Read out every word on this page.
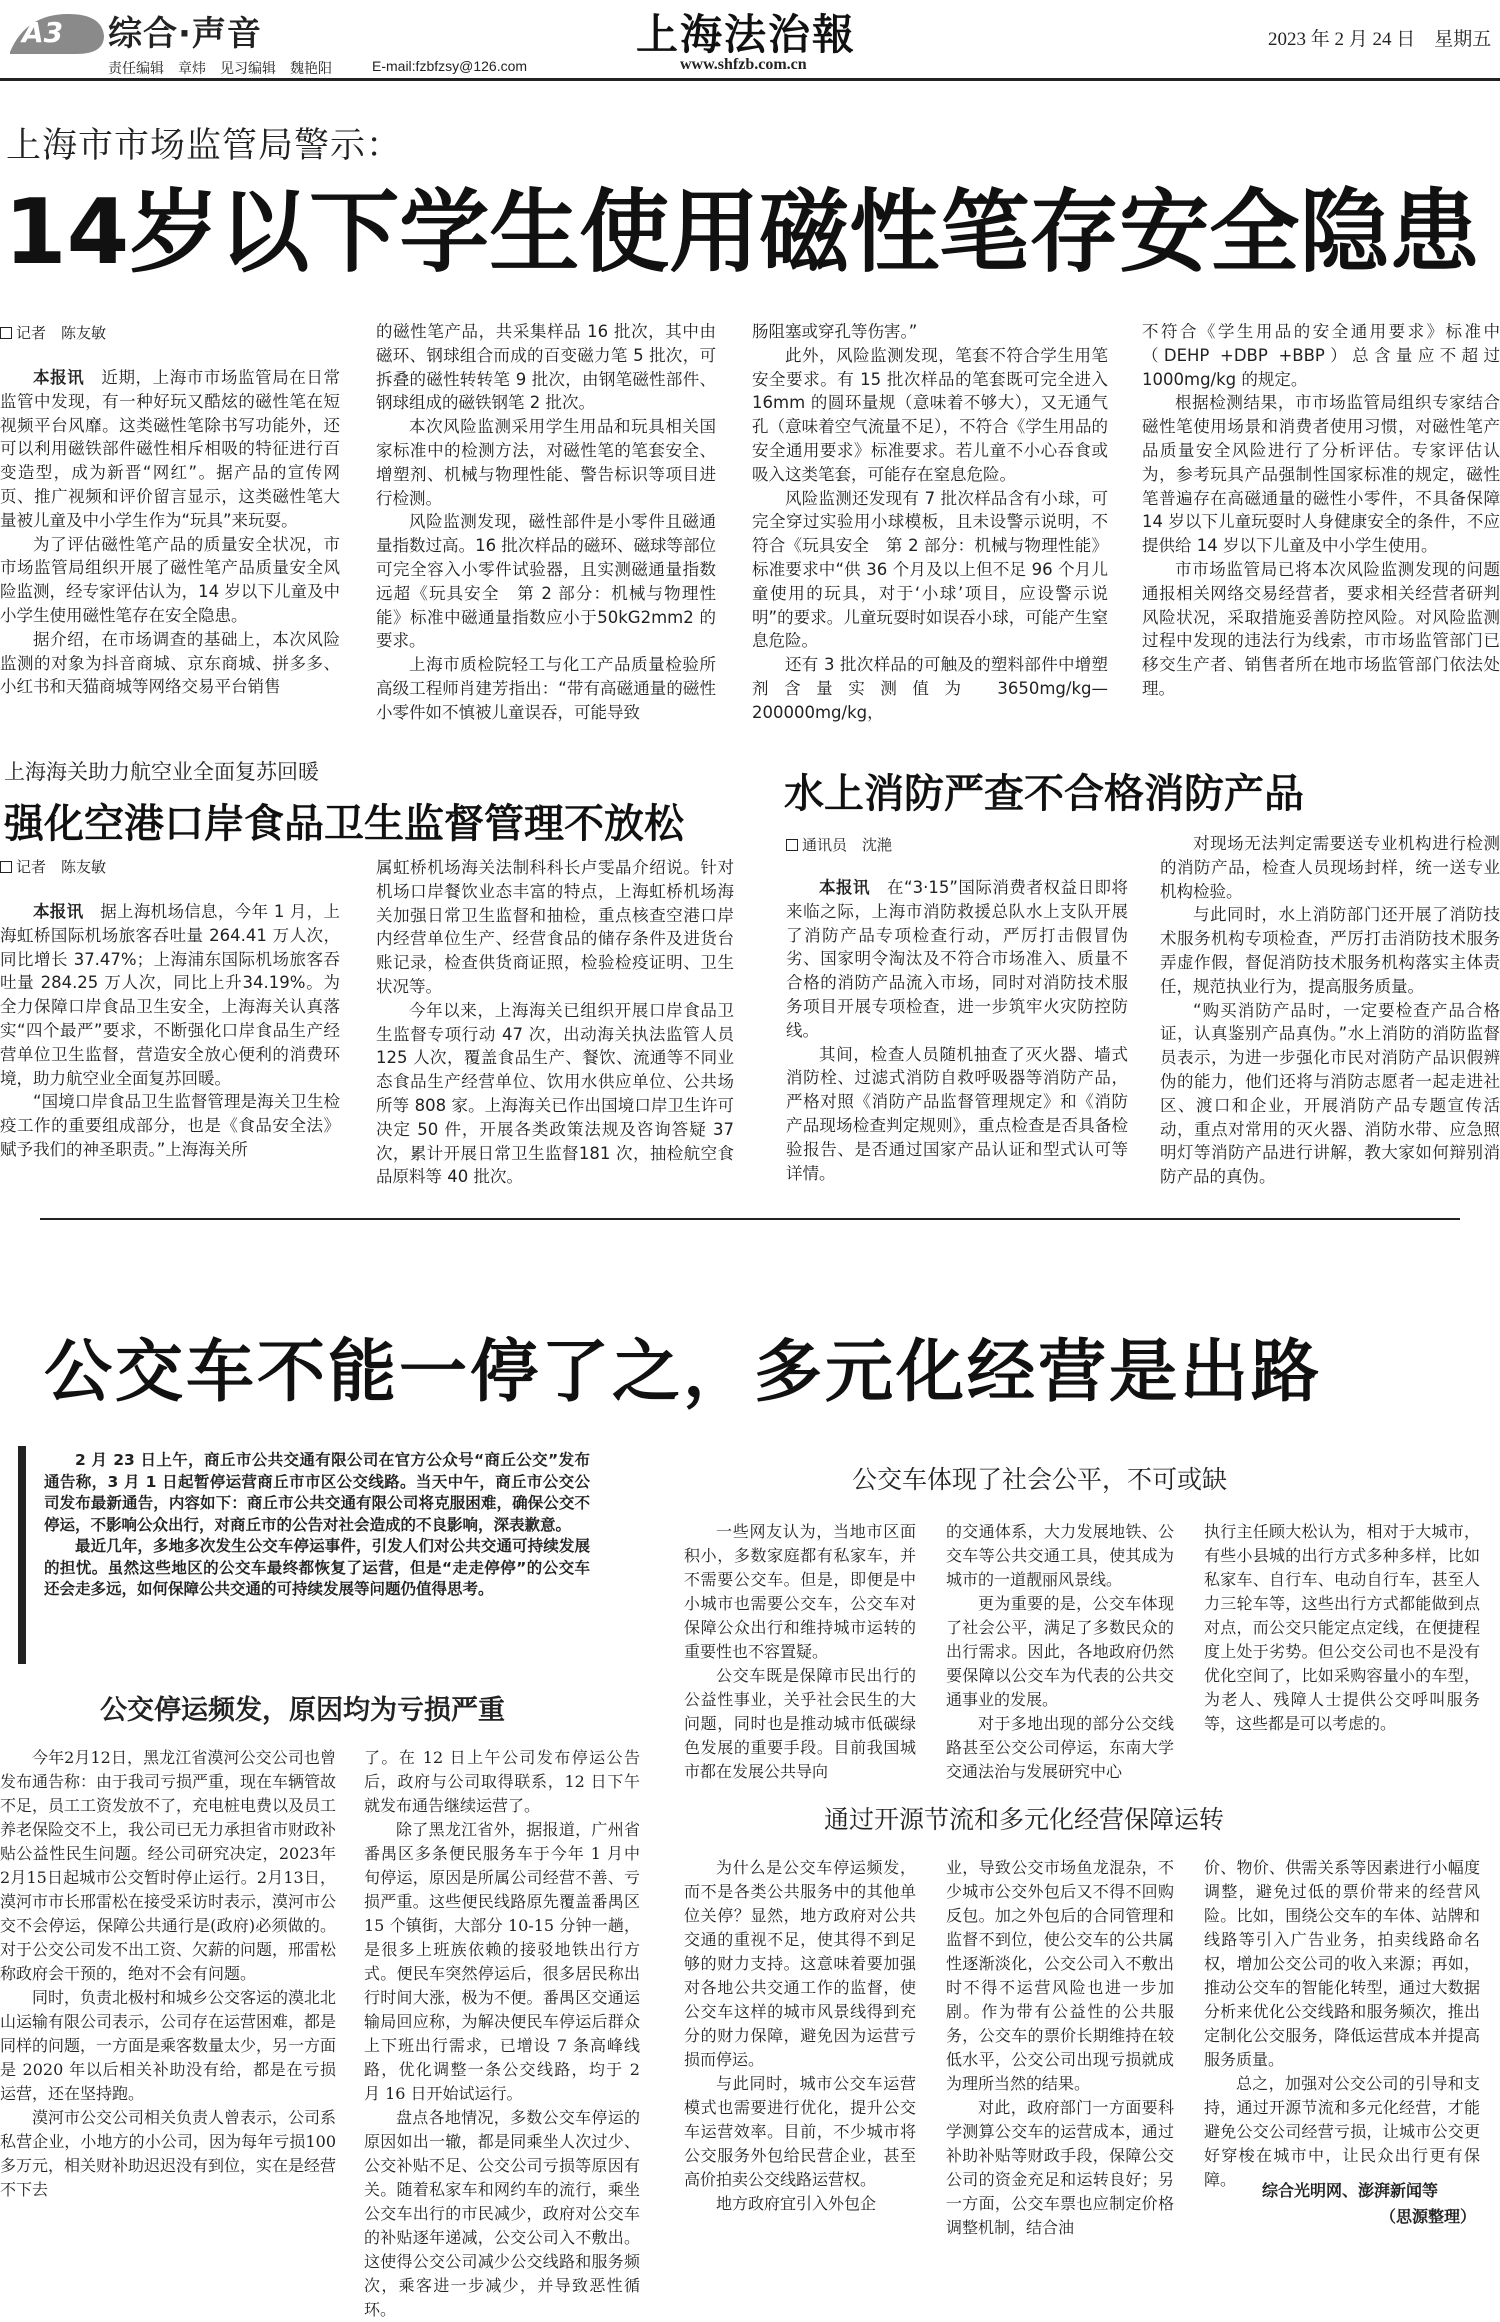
A3 综合·声音
责任编辑　章炜　见习编辑　魏艳阳	E-mail:fzbfzsy@126.com
上海法治報
www.shfzb.com.cn
2023 年 2 月 24 日　星期五
上海市市场监管局警示：
14岁以下学生使用磁性笔存安全隐患
记者　陈友敏

本报讯　近期，上海市市场监管局在日常监管中发现，有一种好玩又酷炫的磁性笔在短视频平台风靡。这类磁性笔除书写功能外，还可以利用磁铁部件磁性相斥相吸的特征进行百变造型，成为新晋“网红”。据产品的宣传网页、推广视频和评价留言显示，这类磁性笔大量被儿童及中小学生作为“玩具”来玩耍。

为了评估磁性笔产品的质量安全状况，市市场监管局组织开展了磁性笔产品质量安全风险监测，经专家评估认为，14 岁以下儿童及中小学生使用磁性笔存在安全隐患。

据介绍，在市场调查的基础上，本次风险监测的对象为抖音商城、京东商城、拼多多、小红书和天猫商城等网络交易平台销售

的磁性笔产品，共采集样品 16 批次，其中由磁环、钢球组合而成的百变磁力笔 5 批次，可拆叠的磁性转转笔 9 批次，由钢笔磁性部件、钢球组成的磁铁钢笔 2 批次。

本次风险监测采用学生用品和玩具相关国家标准中的检测方法，对磁性笔的笔套安全、增塑剂、机械与物理性能、警告标识等项目进行检测。

风险监测发现，磁性部件是小零件且磁通量指数过高。16 批次样品的磁环、磁球等部位可完全容入小零件试验器，且实测磁通量指数远超《玩具安全　第 2 部分：机械与物理性能》标准中磁通量指数应小于50kG2mm2 的要求。

上海市质检院轻工与化工产品质量检验所高级工程师肖建芳指出：“带有高磁通量的磁性小零件如不慎被儿童误吞，可能导致

肠阻塞或穿孔等伤害。”

此外，风险监测发现，笔套不符合学生用笔安全要求。有 15 批次样品的笔套既可完全进入 16mm 的圆环量规（意味着不够大），又无通气孔（意味着空气流量不足），不符合《学生用品的安全通用要求》标准要求。若儿童不小心吞食或吸入这类笔套，可能存在窒息危险。

风险监测还发现有 7 批次样品含有小球，可完全穿过实验用小球模板，且未设警示说明，不符合《玩具安全　第 2 部分：机械与物理性能》标准要求中“供 36 个月及以上但不足 96 个月儿童使用的玩具，对于‘小球’项目，应设警示说明”的要求。儿童玩耍时如误吞小球，可能产生窒息危险。

还有 3 批次样品的可触及的塑料部件中增塑剂含量实测值为 3650mg/kg—200000mg/kg，

不符合《学生用品的安全通用要求》标准中（DEHP +DBP +BBP）总含量应不超过1000mg/kg 的规定。

根据检测结果，市市场监管局组织专家结合磁性笔使用场景和消费者使用习惯，对磁性笔产品质量安全风险进行了分析评估。专家评估认为，参考玩具产品强制性国家标准的规定，磁性笔普遍存在高磁通量的磁性小零件，不具备保障 14 岁以下儿童玩耍时人身健康安全的条件，不应提供给 14 岁以下儿童及中小学生使用。

市市场监管局已将本次风险监测发现的问题通报相关网络交易经营者，要求相关经营者研判风险状况，采取措施妥善防控风险。对风险监测过程中发现的违法行为线索，市市场监管部门已移交生产者、销售者所在地市场监管部门依法处理。

上海海关助力航空业全面复苏回暖
强化空港口岸食品卫生监督管理不放松
记者　陈友敏

本报讯　据上海机场信息，今年 1 月，上海虹桥国际机场旅客吞吐量 264.41 万人次，同比增长 37.47%；上海浦东国际机场旅客吞吐量 284.25 万人次，同比上升34.19%。为全力保障口岸食品卫生安全，上海海关认真落实“四个最严”要求，不断强化口岸食品生产经营单位卫生监督，营造安全放心便利的消费环境，助力航空业全面复苏回暖。

“国境口岸食品卫生监督管理是海关卫生检疫工作的重要组成部分，也是《食品安全法》赋予我们的神圣职责。”上海海关所

属虹桥机场海关法制科科长卢雯晶介绍说。针对机场口岸餐饮业态丰富的特点，上海虹桥机场海关加强日常卫生监督和抽检，重点核查空港口岸内经营单位生产、经营食品的储存条件及进货台账记录，检查供货商证照，检验检疫证明、卫生状况等。

今年以来，上海海关已组织开展口岸食品卫生监督专项行动 47 次，出动海关执法监管人员 125 人次，覆盖食品生产、餐饮、流通等不同业态食品生产经营单位、饮用水供应单位、公共场所等 808 家。上海海关已作出国境口岸卫生许可决定 50 件，开展各类政策法规及咨询答疑 37 次，累计开展日常卫生监督181 次，抽检航空食品原料等 40 批次。

水上消防严查不合格消防产品
通讯员　沈滟

本报讯　在“3·15”国际消费者权益日即将来临之际，上海市消防救援总队水上支队开展了消防产品专项检查行动，严厉打击假冒伪劣、国家明令淘汰及不符合市场准入、质量不合格的消防产品流入市场，同时对消防技术服务项目开展专项检查，进一步筑牢火灾防控防线。

其间，检查人员随机抽查了灭火器、墙式消防栓、过滤式消防自救呼吸器等消防产品，严格对照《消防产品监督管理规定》和《消防产品现场检查判定规则》，重点检查是否具备检验报告、是否通过国家产品认证和型式认可等详情。

对现场无法判定需要送专业机构进行检测的消防产品，检查人员现场封样，统一送专业机构检验。

与此同时，水上消防部门还开展了消防技术服务机构专项检查，严厉打击消防技术服务弄虚作假，督促消防技术服务机构落实主体责任，规范执业行为，提高服务质量。

“购买消防产品时，一定要检查产品合格证，认真鉴别产品真伪。”水上消防的消防监督员表示，为进一步强化市民对消防产品识假辨伪的能力，他们还将与消防志愿者一起走进社区、渡口和企业，开展消防产品专题宣传活动，重点对常用的灭火器、消防水带、应急照明灯等消防产品进行讲解，教大家如何辩别消防产品的真伪。

公交车不能一停了之，多元化经营是出路

2 月 23 日上午，商丘市公共交通有限公司在官方公众号“商丘公交”发布通告称，3 月 1 日起暂停运营商丘市市区公交线路。当天中午，商丘市公交公司发布最新通告，内容如下：商丘市公共交通有限公司将克服困难，确保公交不停运，不影响公众出行，对商丘市的公告对社会造成的不良影响，深表歉意。

最近几年，多地多次发生公交车停运事件，引发人们对公共交通可持续发展的担忧。虽然这些地区的公交车最终都恢复了运营，但是“走走停停”的公交车还会走多远，如何保障公共交通的可持续发展等问题仍值得思考。

公交停运频发，原因均为亏损严重

今年2月12日，黑龙江省漠河公交公司也曾发布通告称：由于我司亏损严重，现在车辆管故不足，员工工资发放不了，充电桩电费以及员工养老保险交不上，我公司已无力承担省市财政补贴公益性民生问题。经公司研究决定，2023年2月15日起城市公交暂时停止运行。2月13日，漠河市市长邢雷松在接受采访时表示，漠河市公交不会停运，保障公共通行是(政府)必须做的。对于公交公司发不出工资、欠薪的问题，邢雷松称政府会干预的，绝对不会有问题。

同时，负责北极村和城乡公交客运的漠北北山运输有限公司表示，公司存在运营困难，都是同样的问题，一方面是乘客数量太少，另一方面是 2020 年以后相关补助没有给，都是在亏损运营，还在坚持跑。

漠河市公交公司相关负责人曾表示，公司系私营企业，小地方的小公司，因为每年亏损100 多万元，相关财补助迟迟没有到位，实在是经营不下去

了。在 12 日上午公司发布停运公告后，政府与公司取得联系，12 日下午就发布通告继续运营了。

除了黑龙江省外，据报道，广州省番禺区多条便民服务车于今年 1 月中旬停运，原因是所属公司经营不善、亏损严重。这些便民线路原先覆盖番禺区 15 个镇街，大部分 10-15 分钟一趟，是很多上班族依赖的接驳地铁出行方式。便民车突然停运后，很多居民称出行时间大涨，极为不便。番禺区交通运输局回应称，为解决便民车停运后群众上下班出行需求，已增设 7 条高峰线路，优化调整一条公交线路，均于 2 月 16 日开始试运行。

盘点各地情况，多数公交车停运的原因如出一辙，都是同乘坐人次过少、公交补贴不足、公交公司亏损等原因有关。随着私家车和网约车的流行，乘坐公交车出行的市民减少，政府对公交车的补贴逐年递减，公交公司入不敷出。这使得公交公司减少公交线路和服务频次，乘客进一步减少，并导致恶性循环。

公交车体现了社会公平，不可或缺

一些网友认为，当地市区面积小，多数家庭都有私家车，并不需要公交车。但是，即便是中小城市也需要公交车，公交车对保障公众出行和维持城市运转的重要性也不容置疑。

公交车既是保障市民出行的公益性事业，关乎社会民生的大问题，同时也是推动城市低碳绿色发展的重要手段。目前我国城市都在发展公共导向

的交通体系，大力发展地铁、公交车等公共交通工具，使其成为城市的一道靓丽风景线。

更为重要的是，公交车体现了社会公平，满足了多数民众的出行需求。因此，各地政府仍然要保障以公交车为代表的公共交通事业的发展。

对于多地出现的部分公交线路甚至公交公司停运，东南大学交通法治与发展研究中心

执行主任顾大松认为，相对于大城市，有些小县城的出行方式多种多样，比如私家车、自行车、电动自行车，甚至人力三轮车等，这些出行方式都能做到点对点，而公交只能定点定线，在便捷程度上处于劣势。但公交公司也不是没有优化空间了，比如采购容量小的车型，为老人、残障人士提供公交呼叫服务等，这些都是可以考虑的。

通过开源节流和多元化经营保障运转

为什么是公交车停运频发，而不是各类公共服务中的其他单位关停？显然，地方政府对公共交通的重视不足，使其得不到足够的财力支持。这意味着要加强对各地公共交通工作的监督，使公交车这样的城市风景线得到充分的财力保障，避免因为运营亏损而停运。

与此同时，城市公交车运营模式也需要进行优化，提升公交车运营效率。目前，不少城市将公交服务外包给民营企业，甚至高价拍卖公交线路运营权。

地方政府宜引入外包企

业，导致公交市场鱼龙混杂，不少城市公交外包后又不得不回购反包。加之外包后的合同管理和监督不到位，使公交车的公共属性逐渐淡化，公交公司入不敷出时不得不运营风险也进一步加剧。作为带有公益性的公共服务，公交车的票价长期维持在较低水平，公交公司出现亏损就成为理所当然的结果。

对此，政府部门一方面要科学测算公交车的运营成本，通过补助补贴等财政手段，保障公交公司的资金充足和运转良好；另一方面，公交车票也应制定价格调整机制，结合油

价、物价、供需关系等因素进行小幅度调整，避免过低的票价带来的经营风险。比如，围绕公交车的车体、站牌和线路等引入广告业务，拍卖线路命名权，增加公交公司的收入来源；再如，推动公交车的智能化转型，通过大数据分析来优化公交线路和服务频次，推出定制化公交服务，降低运营成本并提高服务质量。

总之，加强对公交公司的引导和支持，通过开源节流和多元化经营，才能避免公交公司经营亏损，让城市公交更好穿梭在城市中，让民众出行更有保障。

综合光明网、澎湃新闻等
（思源整理）
